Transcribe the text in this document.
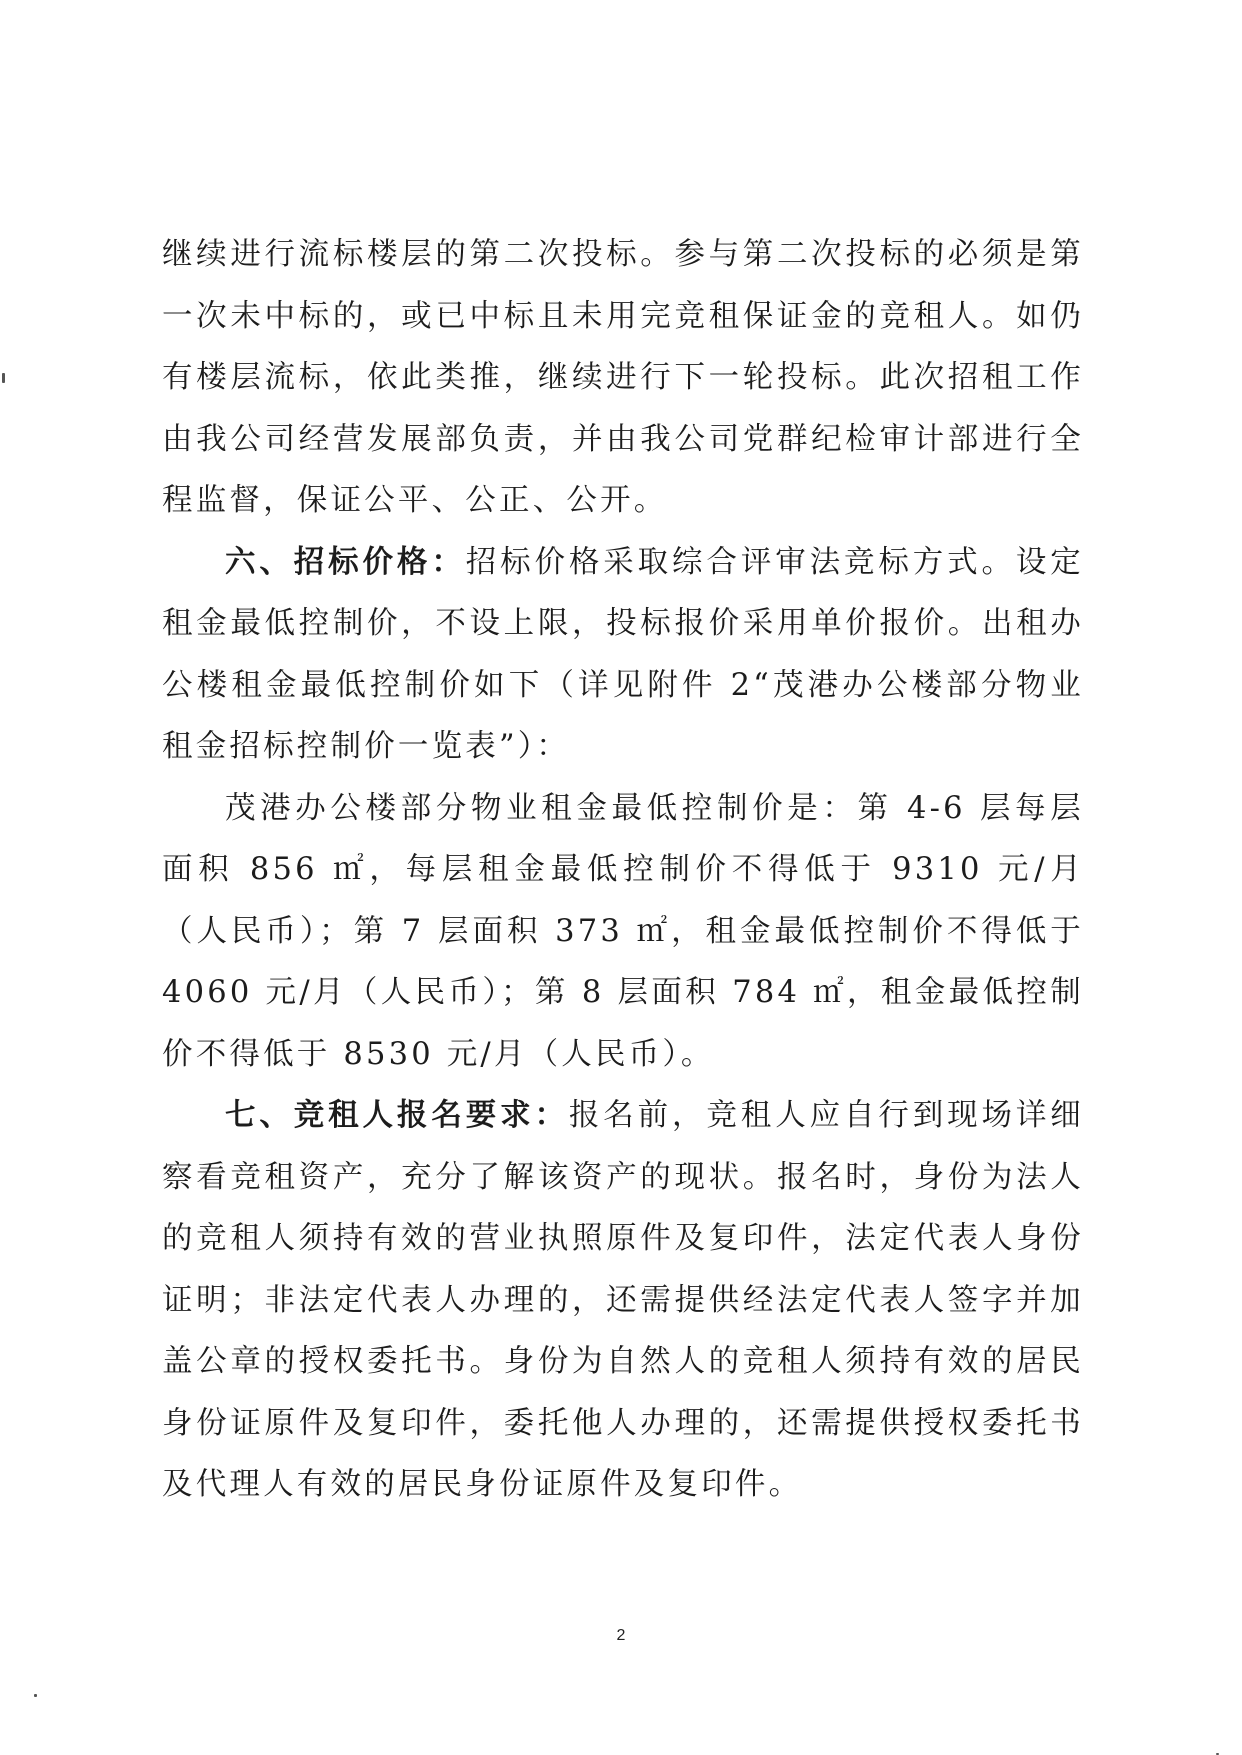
继续进行流标楼层的第二次投标。参与第二次投标的必须是第一次未中标的，或已中标且未用完竞租保证金的竞租人。如仍有楼层流标，依此类推，继续进行下一轮投标。此次招租工作由我公司经营发展部负责，并由我公司党群纪检审计部进行全程监督，保证公平、公正、公开。

六、招标价格：招标价格采取综合评审法竞标方式。设定租金最低控制价，不设上限，投标报价采用单价报价。出租办公楼租金最低控制价如下（详见附件 2“茂港办公楼部分物业租金招标控制价一览表”）：

茂港办公楼部分物业租金最低控制价是：第 4-6 层每层面积 856 ㎡，每层租金最低控制价不得低于 9310 元/月（人民币）；第 7 层面积 373 ㎡，租金最低控制价不得低于 4060 元/月（人民币）；第 8 层面积 784 ㎡，租金最低控制价不得低于 8530 元/月（人民币）。

七、竞租人报名要求：报名前，竞租人应自行到现场详细察看竞租资产，充分了解该资产的现状。报名时，身份为法人的竞租人须持有效的营业执照原件及复印件，法定代表人身份证明；非法定代表人办理的，还需提供经法定代表人签字并加盖公章的授权委托书。身份为自然人的竞租人须持有效的居民身份证原件及复印件，委托他人办理的，还需提供授权委托书及代理人有效的居民身份证原件及复印件。

2
